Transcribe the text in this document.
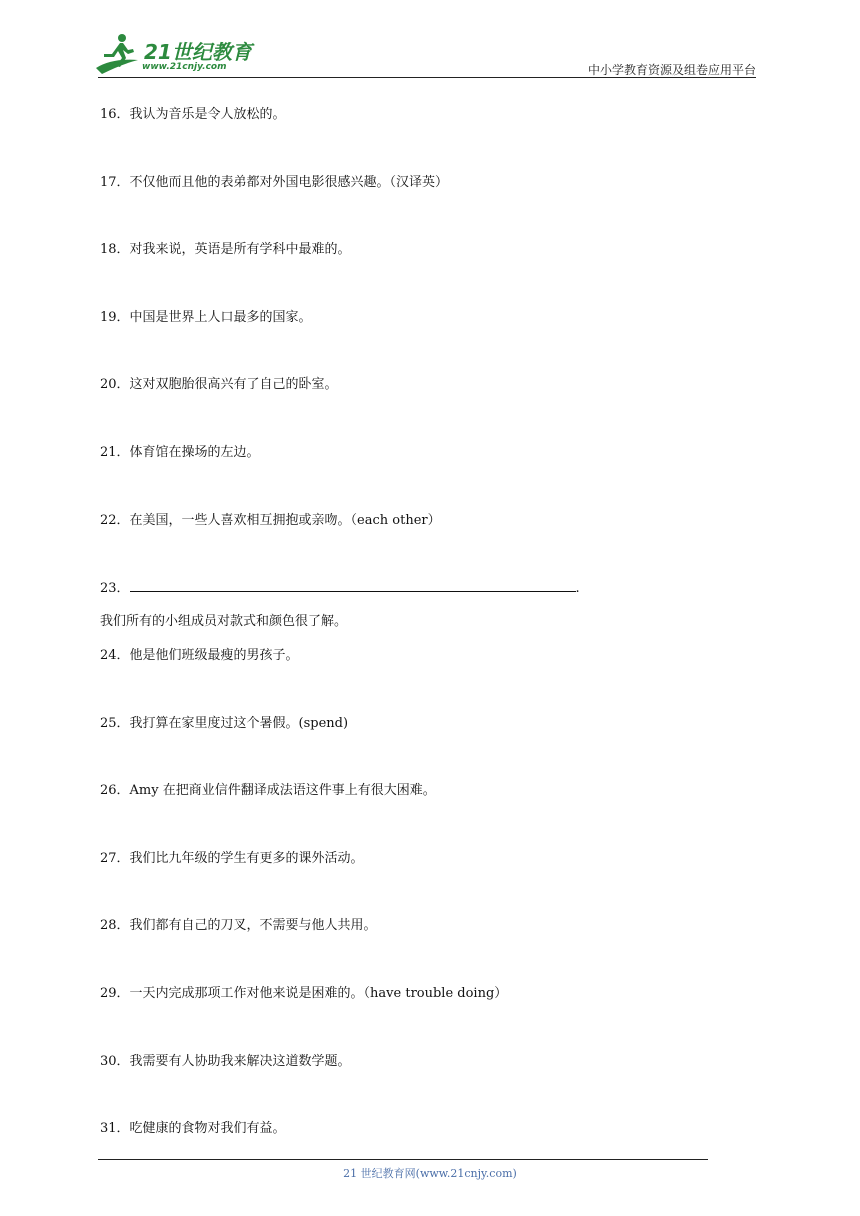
21世纪教育
www.21cnjy.com	中小学教育资源及组卷应用平台
16．我认为音乐是令人放松的。
17．不仅他而且他的表弟都对外国电影很感兴趣。（汉译英）
18．对我来说，英语是所有学科中最难的。
19．中国是世界上人口最多的国家。
20．这对双胞胎很高兴有了自己的卧室。
21．体育馆在操场的左边。
22．在美国，一些人喜欢相互拥抱或亲吻。（each other）
23．	.
我们所有的小组成员对款式和颜色很了解。
24．他是他们班级最瘦的男孩子。
25．我打算在家里度过这个暑假。(spend)
26．Amy 在把商业信件翻译成法语这件事上有很大困难。
27．我们比九年级的学生有更多的课外活动。
28．我们都有自己的刀叉，不需要与他人共用。
29．一天内完成那项工作对他来说是困难的。（have trouble doing）
30．我需要有人协助我来解决这道数学题。
31．吃健康的食物对我们有益。
21 世纪教育网(www.21cnjy.com)
